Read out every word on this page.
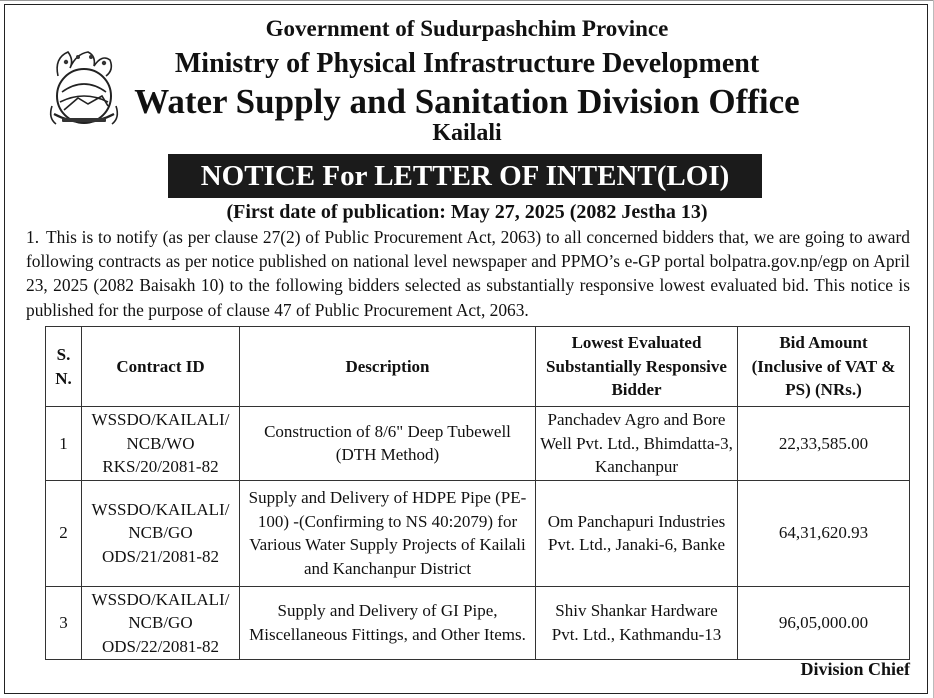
Government of Sudurpashchim Province
Ministry of Physical Infrastructure Development
Water Supply and Sanitation Division Office
Kailali
NOTICE For LETTER OF INTENT(LOI)
(First date of publication: May 27, 2025 (2082 Jestha 13)
1. This is to notify (as per clause 27(2) of Public Procurement Act, 2063) to all concerned bidders that, we are going to award following contracts as per notice published on national level newspaper and PPMO’s e-GP portal bolpatra.gov.np/egp on April 23, 2025 (2082 Baisakh 10) to the following bidders selected as substantially responsive lowest evaluated bid. This notice is published for the purpose of clause 47 of Public Procurement Act, 2063.
S. N.	Contract ID	Description	Lowest Evaluated Substantially Responsive Bidder	Bid Amount (Inclusive of VAT & PS) (NRs.)
1	WSSDO/KAILALI/ NCB/WO RKS/20/2081-82	Construction of 8/6" Deep Tubewell (DTH Method)	Panchadev Agro and Bore Well Pvt. Ltd., Bhimdatta-3, Kanchanpur	22,33,585.00
2	WSSDO/KAILALI/ NCB/GO ODS/21/2081-82	Supply and Delivery of HDPE Pipe (PE-100) -(Confirming to NS 40:2079) for Various Water Supply Projects of Kailali and Kanchanpur District	Om Panchapuri Industries Pvt. Ltd., Janaki-6, Banke	64,31,620.93
3	WSSDO/KAILALI/ NCB/GO ODS/22/2081-82	Supply and Delivery of GI Pipe, Miscellaneous Fittings, and Other Items.	Shiv Shankar Hardware Pvt. Ltd., Kathmandu-13	96,05,000.00
Division Chief
